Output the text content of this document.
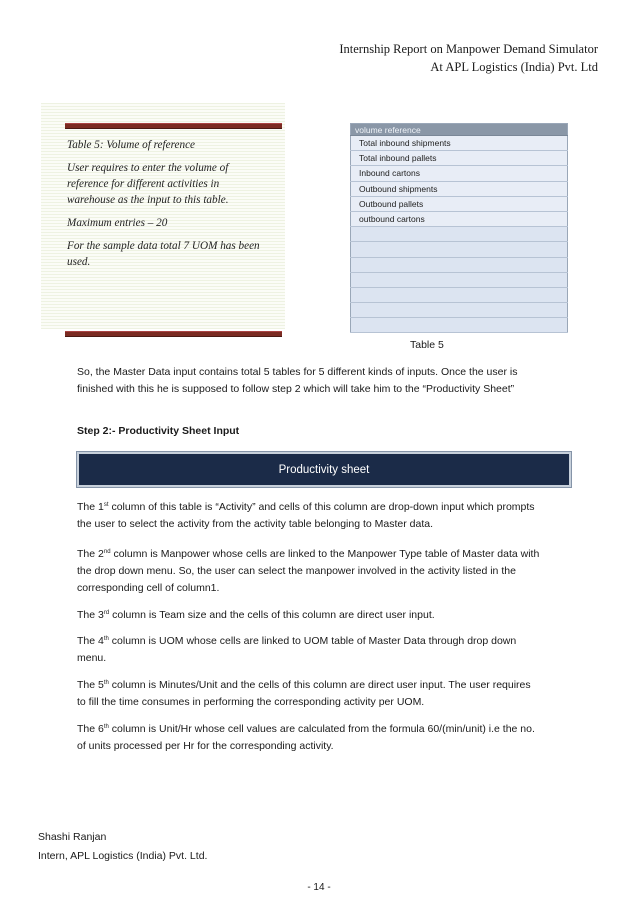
Internship Report on Manpower Demand Simulator
At APL Logistics (India) Pvt. Ltd

Table 5: Volume of reference

User requires to enter the volume of reference for different activities in warehouse as the input to this table.

Maximum entries – 20

For the sample data total 7 UOM has been used.

volume reference
Total inbound shipments
Total inbound pallets
Inbound cartons
Outbound shipments
Outbound pallets
outbound cartons

Table 5
So, the Master Data input contains total 5 tables for 5 different kinds of inputs. Once the user is
finished with this he is supposed to follow step 2 which will take him to the “Productivity Sheet”
Step 2:- Productivity Sheet Input
Productivity sheet
The 1st column of this table is “Activity” and cells of this column are drop-down input which prompts
the user to select the activity from the activity table belonging to Master data.
The 2nd column is Manpower whose cells are linked to the Manpower Type table of Master data with
the drop down menu. So, the user can select the manpower involved in the activity listed in the
corresponding cell of column1.
The 3rd column is Team size and the cells of this column are direct user input.
The 4th column is UOM whose cells are linked to UOM table of Master Data through drop down
menu.
The 5th column is Minutes/Unit and the cells of this column are direct user input. The user requires
to fill the time consumes in performing the corresponding activity per UOM.
The 6th column is Unit/Hr whose cell values are calculated from the formula 60/(min/unit) i.e the no.
of units processed per Hr for the corresponding activity.
Shashi Ranjan
Intern, APL Logistics (India) Pvt. Ltd.
- 14 -
